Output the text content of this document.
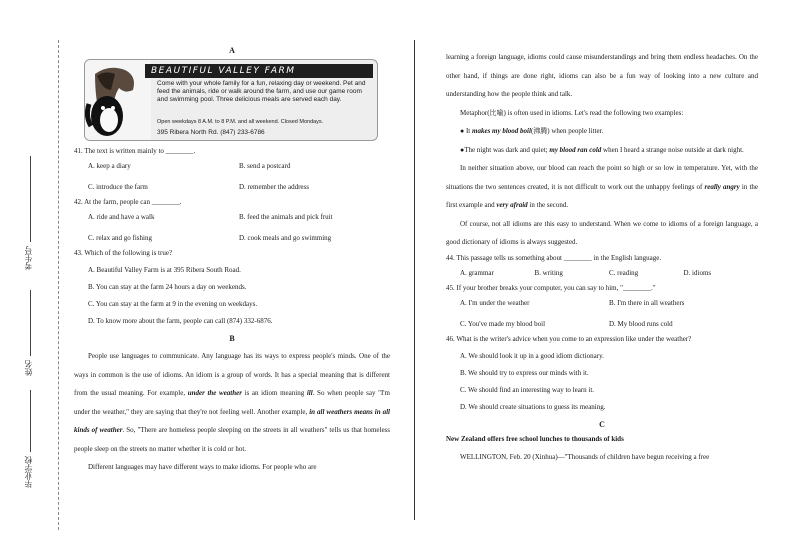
考生号
姓名
毕业学校
A
BEAUTIFUL VALLEY FARM
Come with your whole family for a fun, relaxing day or weekend. Pet and feed the animals, ride or walk around the farm, and use our game room and swimming pool. Three delicious meals are served each day.
Open weekdays 8 A.M. to 8 P.M. and all weekend. Closed Mondays.
395 Ribera North Rd. (847) 233-6786

41. The text is written mainly to ________.

A. keep a diary	B. send a postcard
C. introduce the farm	D. remember the address

42. At the farm, people can ________.

A. ride and have a walk	B. feed the animals and pick fruit
C. relax and go fishing	D. cook meals and go swimming

43. Which of the following is true?

A. Beautiful Valley Farm is at 395 Ribera South Road.
B. You can stay at the farm 24 hours a day on weekends.
C. You can stay at the farm at 9 in the evening on weekdays.
D. To know more about the farm, people can call (874) 332-6876.
B

People use languages to communicate. Any language has its ways to express people's minds. One of the ways in common is the use of idioms. An idiom is a group of words. It has a special meaning that is different from the usual meaning. For example, under the weather is an idiom meaning ill. So when people say "I'm under the weather," they are saying that they're not feeling well. Another example, in all weathers means in all kinds of weather. So, "There are homeless people sleeping on the streets in all weathers" tells us that homeless people sleep on the streets no matter whether it is cold or hot.

Different languages may have different ways to make idioms. For people who are

learning a foreign language, idioms could cause misunderstandings and bring them endless headaches. On the other hand, if things are done right, idioms can also be a fun way of looking into a new culture and understanding how the people think and talk.

Metaphor(比喻) is often used in idioms. Let's read the following two examples:

● It makes my blood boil(沸腾) when people litter.

●The night was dark and quiet; my blood ran cold when I heard a strange noise outside at dark night.

In neither situation above, our blood can reach the point so high or so low in temperature. Yet, with the situations the two sentences created, it is not difficult to work out the unhappy feelings of really angry in the first example and very afraid in the second.

Of course, not all idioms are this easy to understand. When we come to idioms of a foreign language, a good dictionary of idioms is always suggested.

44. This passage tells us something about ________ in the English language.

A. grammar	B. writing	C. reading	D. idioms

45. If your brother breaks your computer, you can say to him, "________."

A. I'm under the weather	B. I'm there in all weathers
C. You've made my blood boil	D. My blood runs cold

46. What is the writer's advice when you come to an expression like under the weather?

A. We should look it up in a good idiom dictionary.
B. We should try to express our minds with it.
C. We should find an interesting way to learn it.
D. We should create situations to guess its meaning.
C

New Zealand offers free school lunches to thousands of kids

WELLINGTON, Feb. 20 (Xinhua)—"Thousands of children have begun receiving a free
